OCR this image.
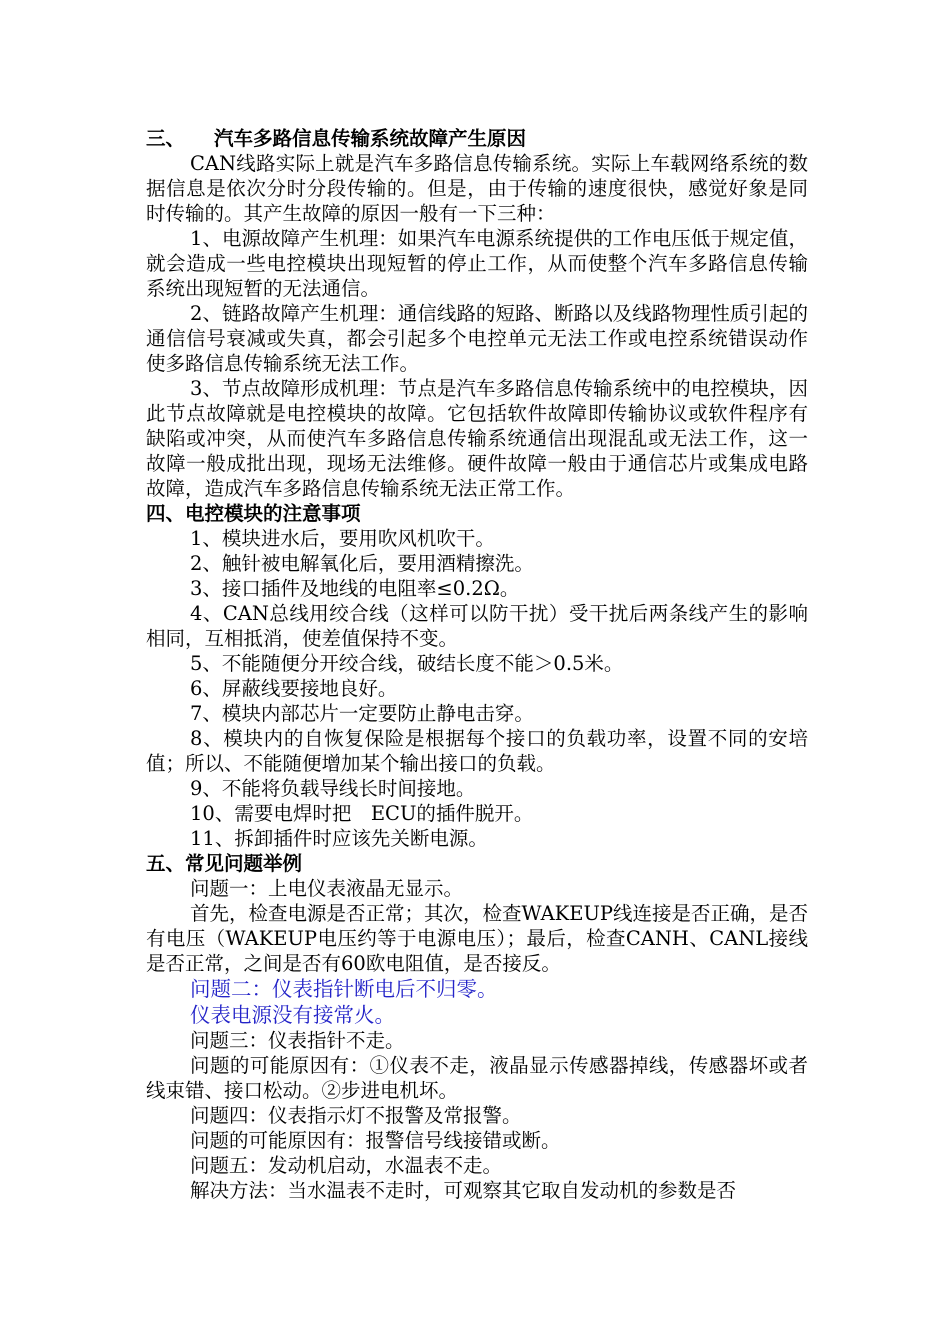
三、 汽车多路信息传输系统故障产生原因

CAN线路实际上就是汽车多路信息传输系统。实际上车载网络系统的数据信息是依次分时分段传输的。但是，由于传输的速度很快，感觉好象是同时传输的。其产生故障的原因一般有一下三种：

1、电源故障产生机理：如果汽车电源系统提供的工作电压低于规定值，就会造成一些电控模块出现短暂的停止工作，从而使整个汽车多路信息传输系统出现短暂的无法通信。

2、链路故障产生机理：通信线路的短路、断路以及线路物理性质引起的通信信号衰减或失真，都会引起多个电控单元无法工作或电控系统错误动作使多路信息传输系统无法工作。

3、节点故障形成机理：节点是汽车多路信息传输系统中的电控模块，因此节点故障就是电控模块的故障。它包括软件故障即传输协议或软件程序有缺陷或冲突，从而使汽车多路信息传输系统通信出现混乱或无法工作，这一故障一般成批出现，现场无法维修。硬件故障一般由于通信芯片或集成电路故障，造成汽车多路信息传输系统无法正常工作。

四、电控模块的注意事项

1、模块进水后，要用吹风机吹干。

2、触针被电解氧化后，要用酒精擦洗。

3、接口插件及地线的电阻率≤0.2Ω。

4、CAN总线用绞合线（这样可以防干扰）受干扰后两条线产生的影响相同，互相抵消，使差值保持不变。

5、不能随便分开绞合线，破结长度不能＞0.5米。

6、屏蔽线要接地良好。

7、模块内部芯片一定要防止静电击穿。

8、模块内的自恢复保险是根据每个接口的负载功率，设置不同的安培值；所以、不能随便增加某个输出接口的负载。

9、不能将负载导线长时间接地。

10、需要电焊时把　ECU的插件脱开。

11、拆卸插件时应该先关断电源。

五、常见问题举例

问题一：上电仪表液晶无显示。

首先，检查电源是否正常；其次，检查WAKEUP线连接是否正确，是否有电压（WAKEUP电压约等于电源电压）；最后，检查CANH、CANL接线是否正常，之间是否有60欧电阻值，是否接反。

问题二：仪表指针断电后不归零。

仪表电源没有接常火。

问题三：仪表指针不走。

问题的可能原因有：①仪表不走，液晶显示传感器掉线，传感器坏或者线束错、接口松动。②步进电机坏。

问题四：仪表指示灯不报警及常报警。

问题的可能原因有：报警信号线接错或断。

问题五：发动机启动，水温表不走。

解决方法：当水温表不走时，可观察其它取自发动机的参数是否
